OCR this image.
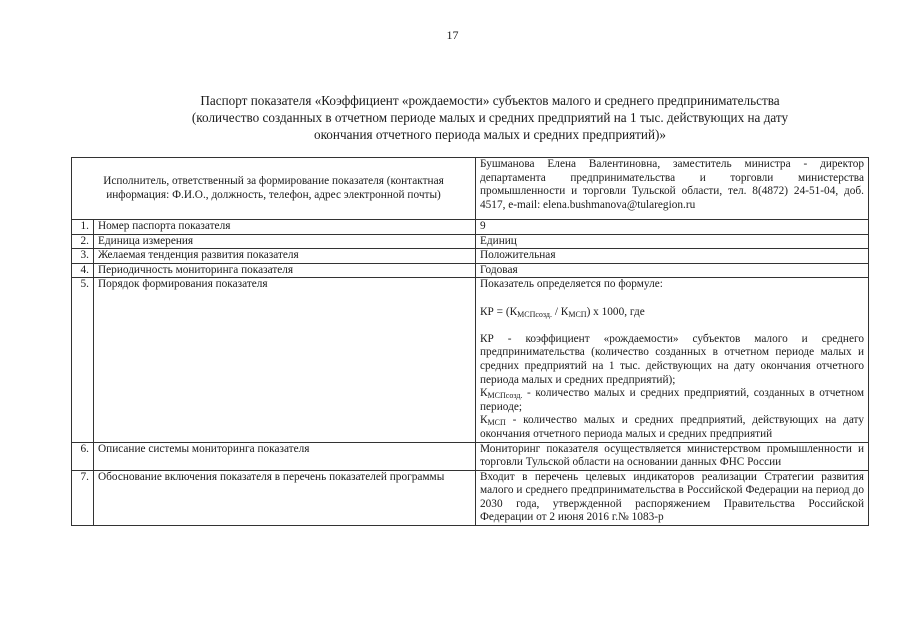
17
Паспорт показателя «Коэффициент «рождаемости» субъектов малого и среднего предпринимательства
(количество созданных в отчетном периоде малых и средних предприятий на 1 тыс. действующих на дату
окончания отчетного периода малых и средних предприятий)»
Исполнитель, ответственный за формирование показателя (контактная информация: Ф.И.О., должность, телефон, адрес электронной почты)		Бушманова Елена Валентиновна, заместитель министра - директор департамента предпринимательства и торговли министерства промышленности и торговли Тульской области, тел. 8(4872) 24-51-04, доб. 4517, e-mail: elena.bushmanova@tularegion.ru
1.	Номер паспорта показателя	9
2.	Единица измерения	Единиц
3.	Желаемая тенденция развития показателя	Положительная
4.	Периодичность мониторинга показателя	Годовая
5.	Порядок формирования показателя	Показатель определяется по формуле:
КР = $(К_{МСПсозд.} / К_{МСП})$ х 1000, где
КР - коэффициент «рождаемости» субъектов малого и среднего предпринимательства (количество созданных в отчетном периоде малых и средних предприятий на 1 тыс. действующих на дату окончания отчетного периода малых и средних предприятий);
$К_{МСПсозд.}$ - количество малых и средних предприятий, созданных в отчетном периоде;
$К_{МСП}$ - количество малых и средних предприятий, действующих на дату окончания отчетного периода малых и средних предприятий

6.	Описание системы мониторинга показателя	Мониторинг показателя осуществляется министерством промышленности и торговли Тульской области на основании данных ФНС России
7.	Обоснование включения показателя в перечень показателей программы	Входит в перечень целевых индикаторов реализации Стратегии развития малого и среднего предпринимательства в Российской Федерации на период до 2030 года, утвержденной распоряжением Правительства Российской Федерации от 2 июня 2016 г.№ 1083-р
